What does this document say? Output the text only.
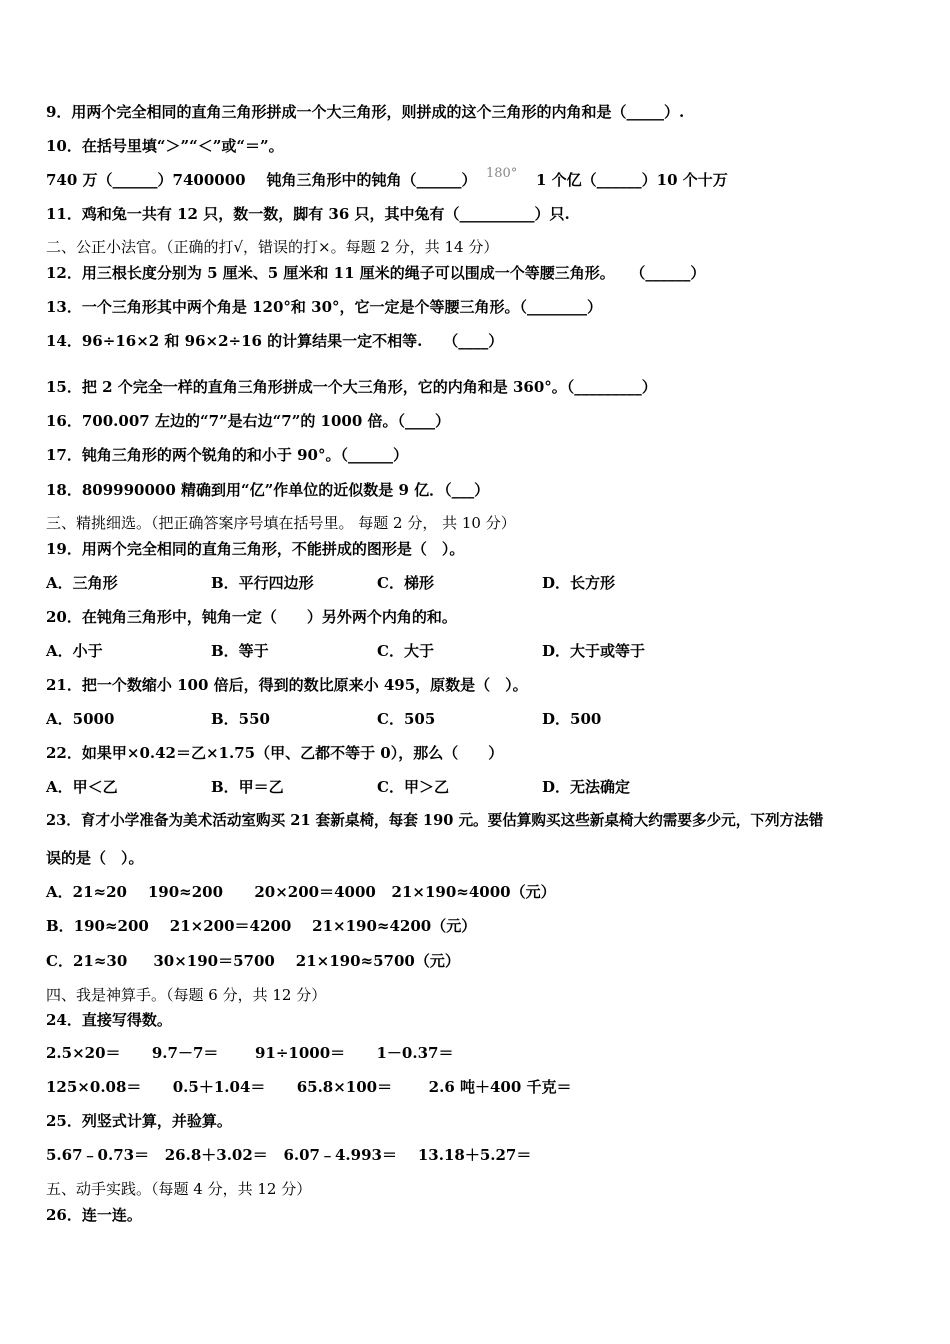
9．用两个完全相同的直角三角形拼成一个大三角形，则拼成的这个三角形的内角和是（_____）.
10．在括号里填“＞”“＜”或“＝”。
740 万（______）7400000    钝角三角形中的钝角（______） 180° 1 个亿（______）10 个十万
11．鸡和兔一共有 12 只，数一数，脚有 36 只，其中兔有（__________）只.
二、公正小法官。（正确的打√，错误的打×。每题 2 分，共 14 分）
12．用三根长度分别为 5 厘米、5 厘米和 11 厘米的绳子可以围成一个等腰三角形。   （______）
13．一个三角形其中两个角是 120°和 30°，它一定是个等腰三角形。（________）
14．96÷16×2 和 96×2÷16 的计算结果一定不相等.    （____）
15．把 2 个完全一样的直角三角形拼成一个大三角形，它的内角和是 360°。（_________）
16．700.007 左边的“7”是右边“7”的 1000 倍。（____）
17．钝角三角形的两个锐角的和小于 90°。（______）
18．809990000 精确到用“亿”作单位的近似数是 9 亿．（___）
三、精挑细选。（把正确答案序号填在括号里。 每题 2 分， 共 10 分）
19．用两个完全相同的直角三角形，不能拼成的图形是（　）。
A．三角形	B．平行四边形	C．梯形	D．长方形
20．在钝角三角形中，钝角一定（　　）另外两个内角的和。
A．小于	B．等于	C．大于	D．大于或等于
21．把一个数缩小 100 倍后，得到的数比原来小 495，原数是（　）。
A．5000	B．550	C．505	D．500
22．如果甲×0.42＝乙×1.75（甲、乙都不等于 0），那么（　　）
A．甲＜乙	B．甲＝乙	C．甲＞乙	D．无法确定
23．育才小学准备为美术活动室购买 21 套新桌椅，每套 190 元。要估算购买这些新桌椅大约需要多少元，下列方法错
误的是（　）。
A．21≈20    190≈200      20×200＝4000   21×190≈4000（元）
B．190≈200    21×200＝4200    21×190≈4200（元）
C．21≈30     30×190＝5700    21×190≈5700（元）
四、我是神算手。（每题 6 分，共 12 分）
24．直接写得数。
2.5×20＝      9.7－7＝       91÷1000＝      1－0.37＝
125×0.08＝      0.5＋1.04＝      65.8×100＝       2.6 吨＋400 千克＝
25．列竖式计算，并验算。
5.67﹣0.73＝   26.8＋3.02＝   6.07﹣4.993＝    13.18＋5.27＝
五、动手实践。（每题 4 分，共 12 分）
26．连一连。
